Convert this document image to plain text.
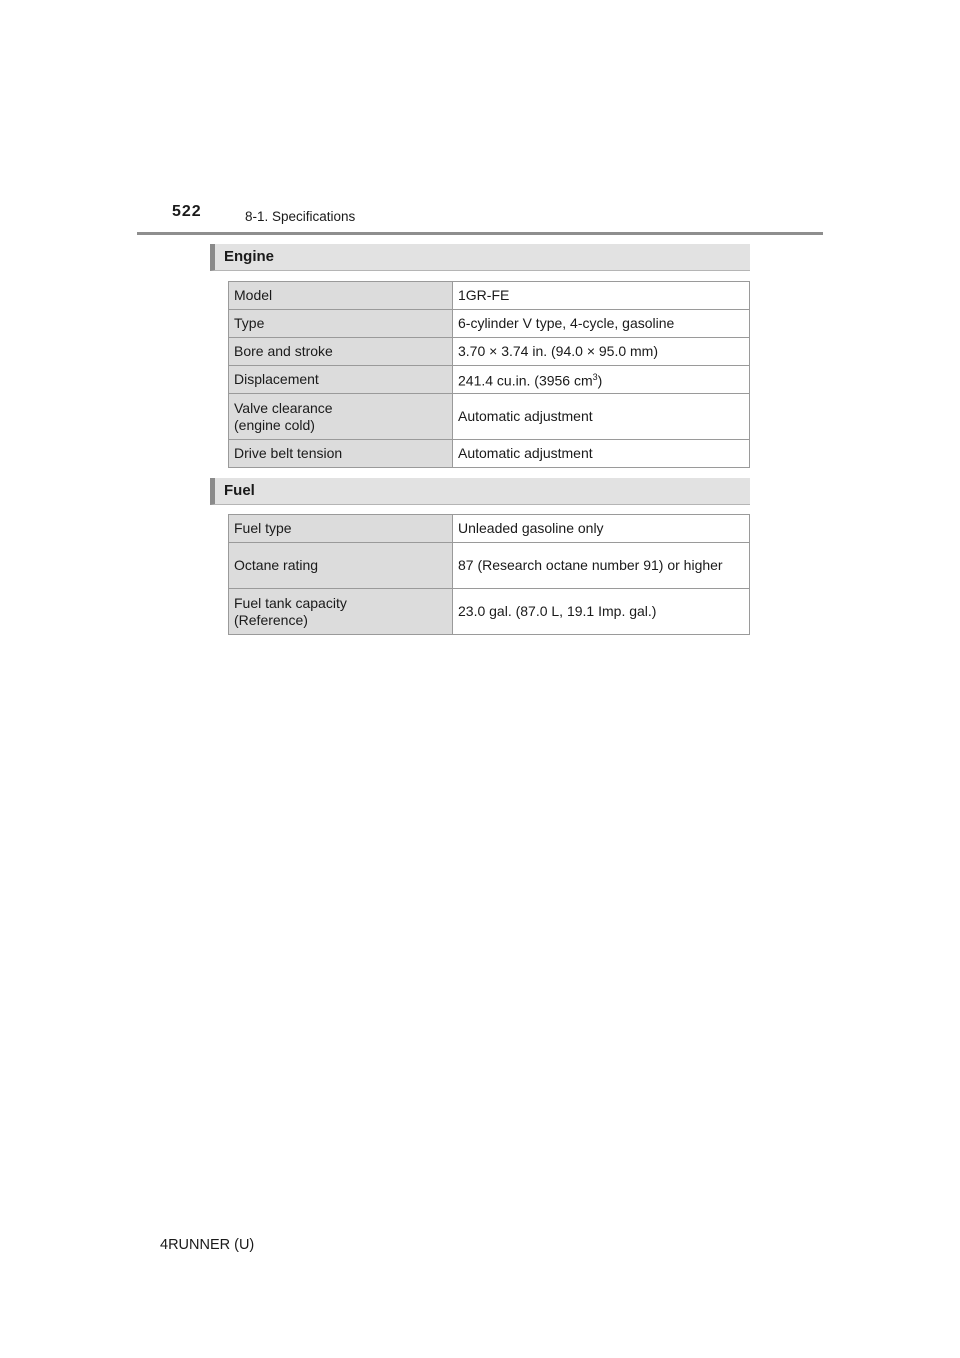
522	8-1. Specifications
Engine
Model	1GR-FE
Type	6-cylinder V type, 4-cycle, gasoline
Bore and stroke	3.70 × 3.74 in. (94.0 × 95.0 mm)
Displacement	241.4 cu.in. (3956 $cm^3$)

Valve clearance
(engine cold)	Automatic adjustment
Drive belt tension	Automatic adjustment
Fuel
Fuel type	Unleaded gasoline only
Octane rating	87 (Research octane number 91) or higher

Fuel tank capacity
(Reference)	23.0 gal. (87.0 L, 19.1 Imp. gal.)
4RUNNER (U)
